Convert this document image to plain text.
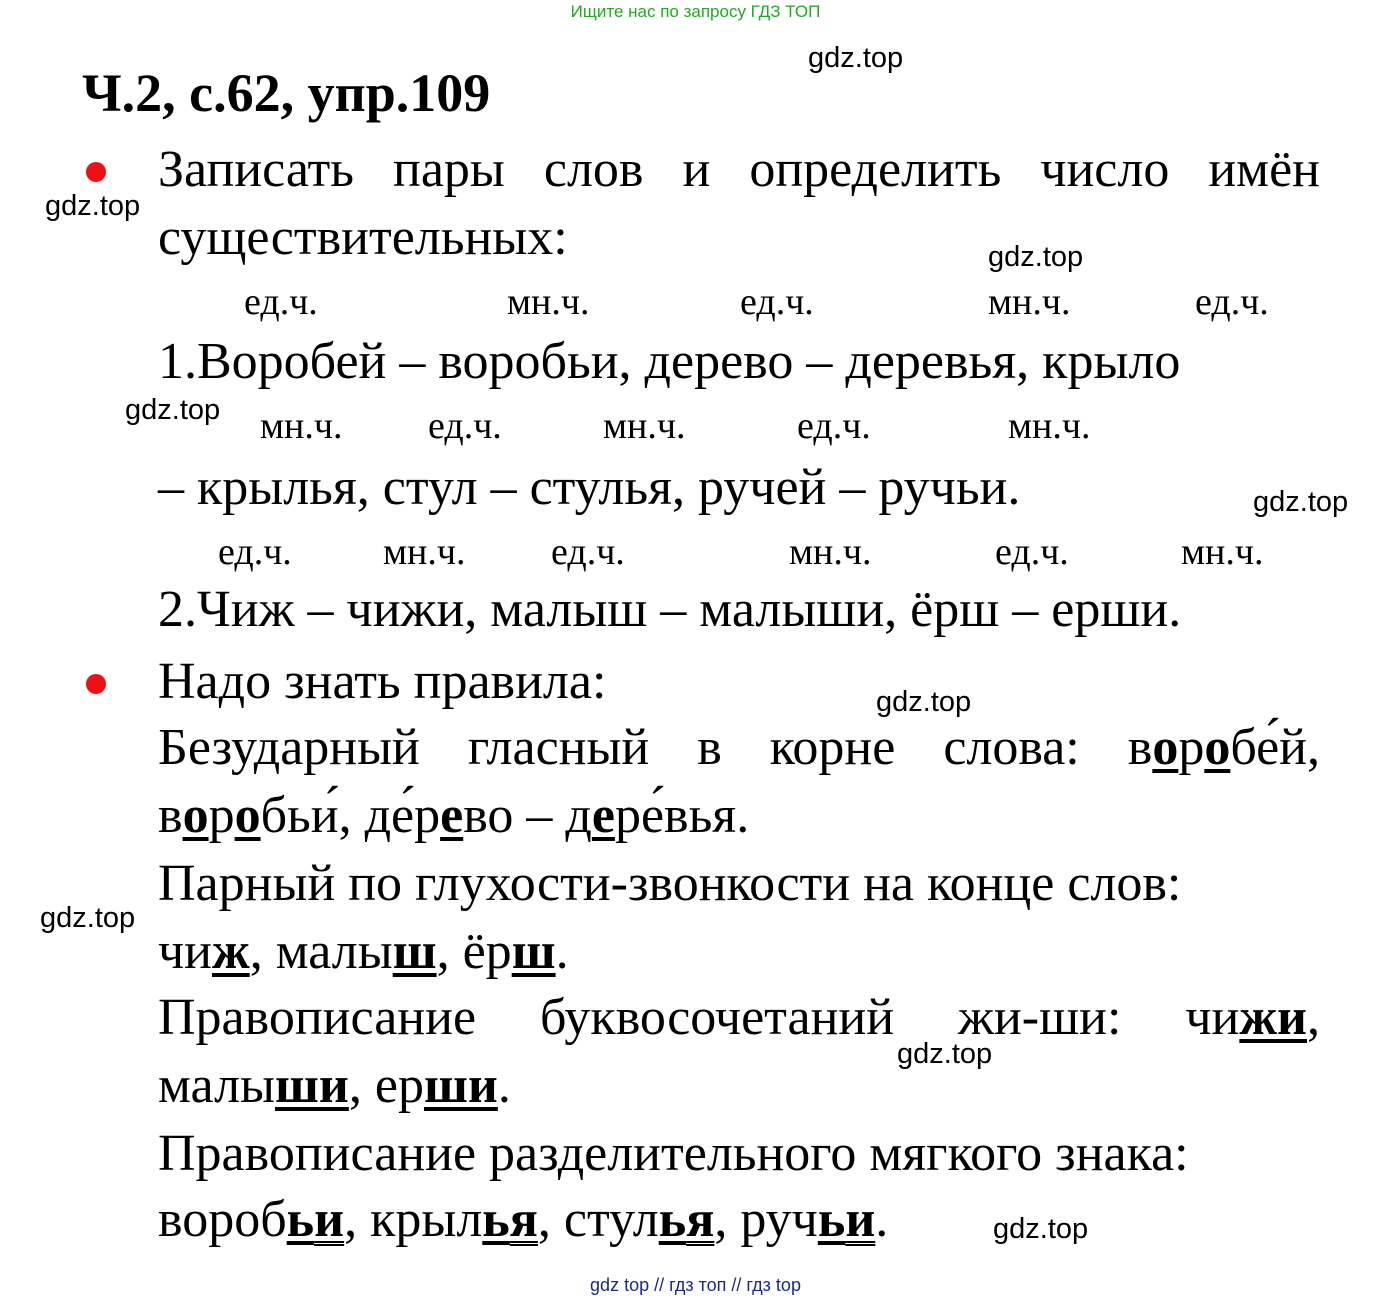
Ищите нас по запросу ГДЗ ТОП
gdz.top
gdz.top
gdz.top
gdz.top
gdz.top
gdz.top
gdz.top
gdz.top
gdz.top
Ч.2, с.62, упр.109
Записать пары слов и определить число имён
существительных:
ед.ч.	мн.ч.	ед.ч.	мн.ч.	ед.ч.
1.Воробей – воробьи, дерево – деревья, крыло
мн.ч. ед.ч.	мн.ч.	ед.ч.	мн.ч.
– крылья, стул – стулья, ручей – ручьи.
ед.ч. мн.ч. ед.ч.	мн.ч.	ед.ч.	мн.ч.
2.Чиж – чижи, малыш – малыши, ёрш – ерши.
Надо знать правила:
Безударный гласный в корне слова: воробе́й,
воробьи́, де́рево – дере́вья.
Парный по глухости-звонкости на конце слов:
чиж, малыш, ёрш.
Правописание буквосочетаний жи-ши: чижи,
малыши, ерши.
Правописание разделительного мягкого знака:
воробьи, крылья, стулья, ручьи.
gdz top // гдз топ // гдз top
